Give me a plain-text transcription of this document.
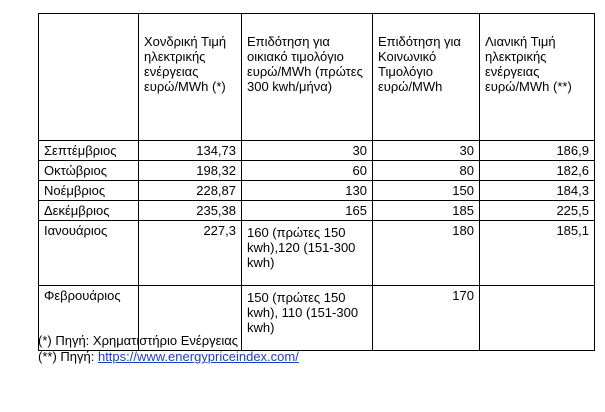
	Χονδρική Τιμή ηλεκτρικής ενέργειας ευρώ/MWh (*)	Επιδότηση για οικιακό τιμολόγιο ευρώ/MWh (πρώτες 300 kwh/μήνα)	Επιδότηση για Κοινωνικό Τιμολόγιο ευρώ/MWh	Λιανική Τιμή ηλεκτρικής ενέργειας ευρώ/MWh (**)
Σεπτέμβριος	134,73	30	30	186,9
Οκτώβριος	198,32	60	80	182,6
Νοέμβριος	228,87	130	150	184,3
Δεκέμβριος	235,38	165	185	225,5
Ιανουάριος	227,3	160 (πρώτες 150 kwh),120 (151-300 kwh)	180	185,1
Φεβρουάριος		150 (πρώτες 150 kwh), 110 (151-300 kwh)	170	
(*) Πηγή: Χρηματιστήριο Ενέργειας
(**) Πηγή: https://www.energypriceindex.com/
